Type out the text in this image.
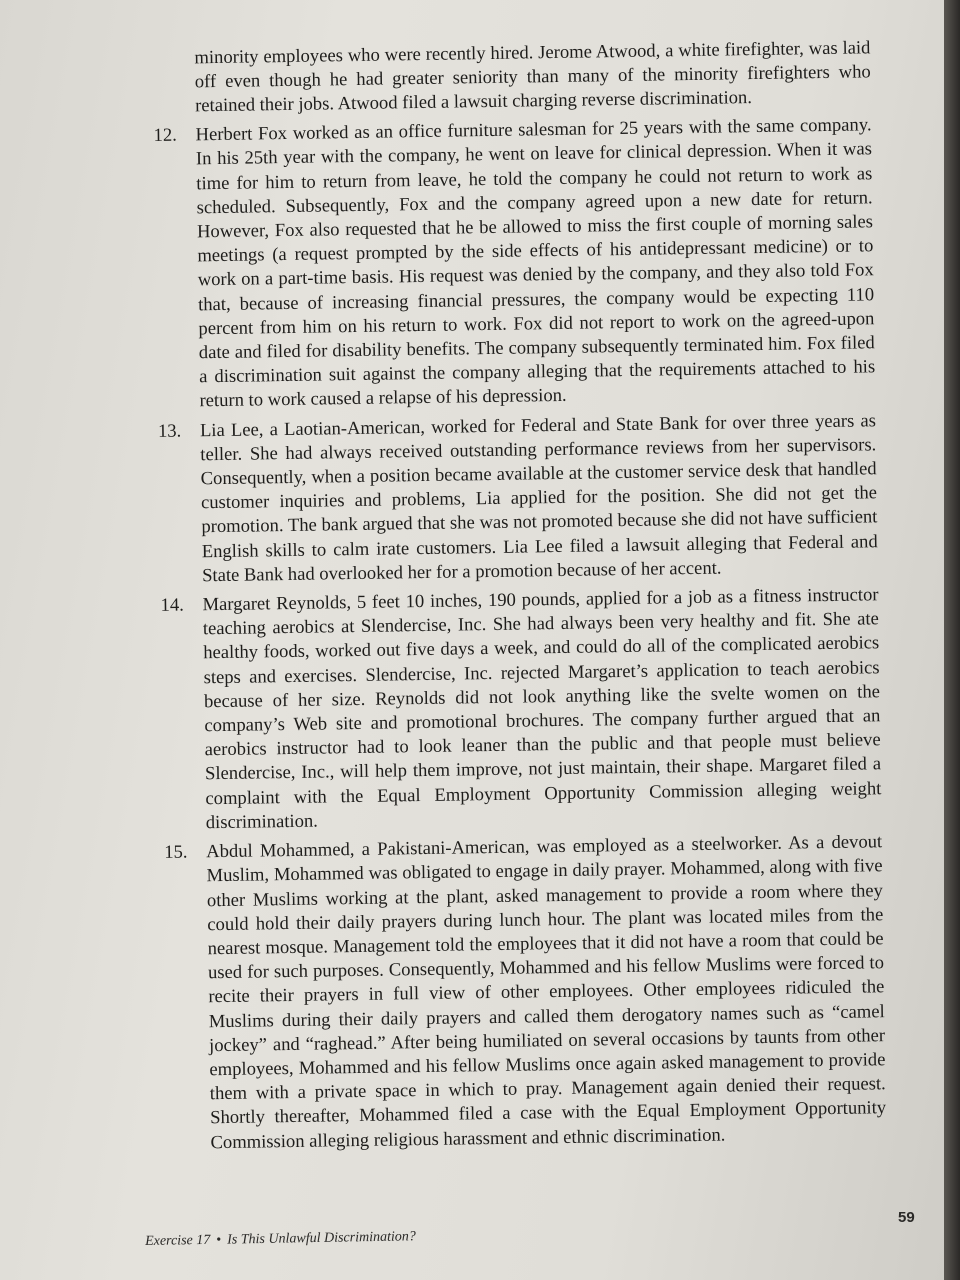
minority employees who were recently hired. Jerome Atwood, a white firefighter, was laid off even though he had greater seniority than many of the minority firefighters who retained their jobs. Atwood filed a lawsuit charging reverse discrimination.

12. Herbert Fox worked as an office furniture salesman for 25 years with the same company. In his 25th year with the company, he went on leave for clinical depression. When it was time for him to return from leave, he told the company he could not return to work as scheduled. Subsequently, Fox and the company agreed upon a new date for return. However, Fox also requested that he be allowed to miss the first couple of morning sales meetings (a request prompted by the side effects of his antidepressant medicine) or to work on a part-time basis. His request was denied by the company, and they also told Fox that, because of increasing financial pressures, the company would be expecting 110 percent from him on his return to work. Fox did not report to work on the agreed-upon date and filed for disability benefits. The company subsequently terminated him. Fox filed a discrimination suit against the company alleging that the requirements attached to his return to work caused a relapse of his depression.
13. Lia Lee, a Laotian-American, worked for Federal and State Bank for over three years as teller. She had always received outstanding performance reviews from her supervisors. Consequently, when a position became available at the customer service desk that handled customer inquiries and problems, Lia applied for the position. She did not get the promotion. The bank argued that she was not promoted because she did not have sufficient English skills to calm irate customers. Lia Lee filed a lawsuit alleging that Federal and State Bank had overlooked her for a promotion because of her accent.
14. Margaret Reynolds, 5 feet 10 inches, 190 pounds, applied for a job as a fitness instructor teaching aerobics at Slendercise, Inc. She had always been very healthy and fit. She ate healthy foods, worked out five days a week, and could do all of the complicated aerobics steps and exercises. Slendercise, Inc. rejected Margaret’s application to teach aerobics because of her size. Reynolds did not look anything like the svelte women on the company’s Web site and promotional brochures. The company further argued that an aerobics instructor had to look leaner than the public and that people must believe Slendercise, Inc., will help them improve, not just maintain, their shape. Margaret filed a complaint with the Equal Employment Opportunity Commission alleging weight discrimination.
15. Abdul Mohammed, a Pakistani-American, was employed as a steelworker. As a devout Muslim, Mohammed was obligated to engage in daily prayer. Mohammed, along with five other Muslims working at the plant, asked management to provide a room where they could hold their daily prayers during lunch hour. The plant was located miles from the nearest mosque. Management told the employees that it did not have a room that could be used for such purposes. Consequently, Mohammed and his fellow Muslims were forced to recite their prayers in full view of other employees. Other employees ridiculed the Muslims during their daily prayers and called them derogatory names such as “camel jockey” and “raghead.” After being humiliated on several occasions by taunts from other employees, Mohammed and his fellow Muslims once again asked management to provide them with a private space in which to pray. Management again denied their request. Shortly thereafter, Mohammed filed a case with the Equal Employment Opportunity Commission alleging religious harassment and ethnic discrimination.
Exercise 17 • Is This Unlawful Discrimination?
59
